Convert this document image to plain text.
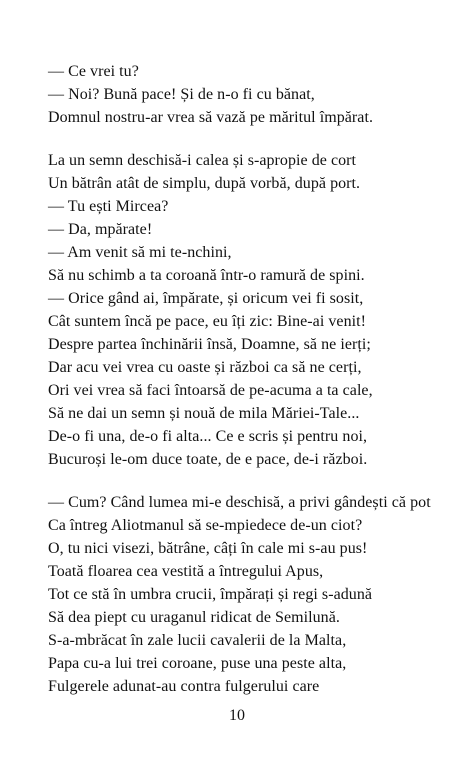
— Ce vrei tu?
— Noi? Bună pace! Și de n-o fi cu bănat,
Domnul nostru-ar vrea să vază pe măritul împărat.
La un semn deschisă-i calea și s-apropie de cort
Un bătrân atât de simplu, după vorbă, după port.
— Tu ești Mircea?
— Da, mpărate!
— Am venit să mi te-nchini,
Să nu schimb a ta coroană într-o ramură de spini.
— Orice gând ai, împărate, și oricum vei fi sosit,
Cât suntem încă pe pace, eu îți zic: Bine-ai venit!
Despre partea închinării însă, Doamne, să ne ierți;
Dar acu vei vrea cu oaste și război ca să ne cerți,
Ori vei vrea să faci întoarsă de pe-acuma a ta cale,
Să ne dai un semn și nouă de mila Măriei-Tale...
De-o fi una, de-o fi alta... Ce e scris și pentru noi,
Bucuroși le-om duce toate, de e pace, de-i război.
— Cum? Când lumea mi-e deschisă, a privi gândești că pot
Ca întreg Aliotmanul să se-mpiedece de-un ciot?
O, tu nici visezi, bătrâne, câți în cale mi s-au pus!
Toată floarea cea vestită a întregului Apus,
Tot ce stă în umbra crucii, împărați și regi s-adună
Să dea piept cu uraganul ridicat de Semilună.
S-a-mbrăcat în zale lucii cavalerii de la Malta,
Papa cu-a lui trei coroane, puse una peste alta,
Fulgerele adunat-au contra fulgerului care
10
